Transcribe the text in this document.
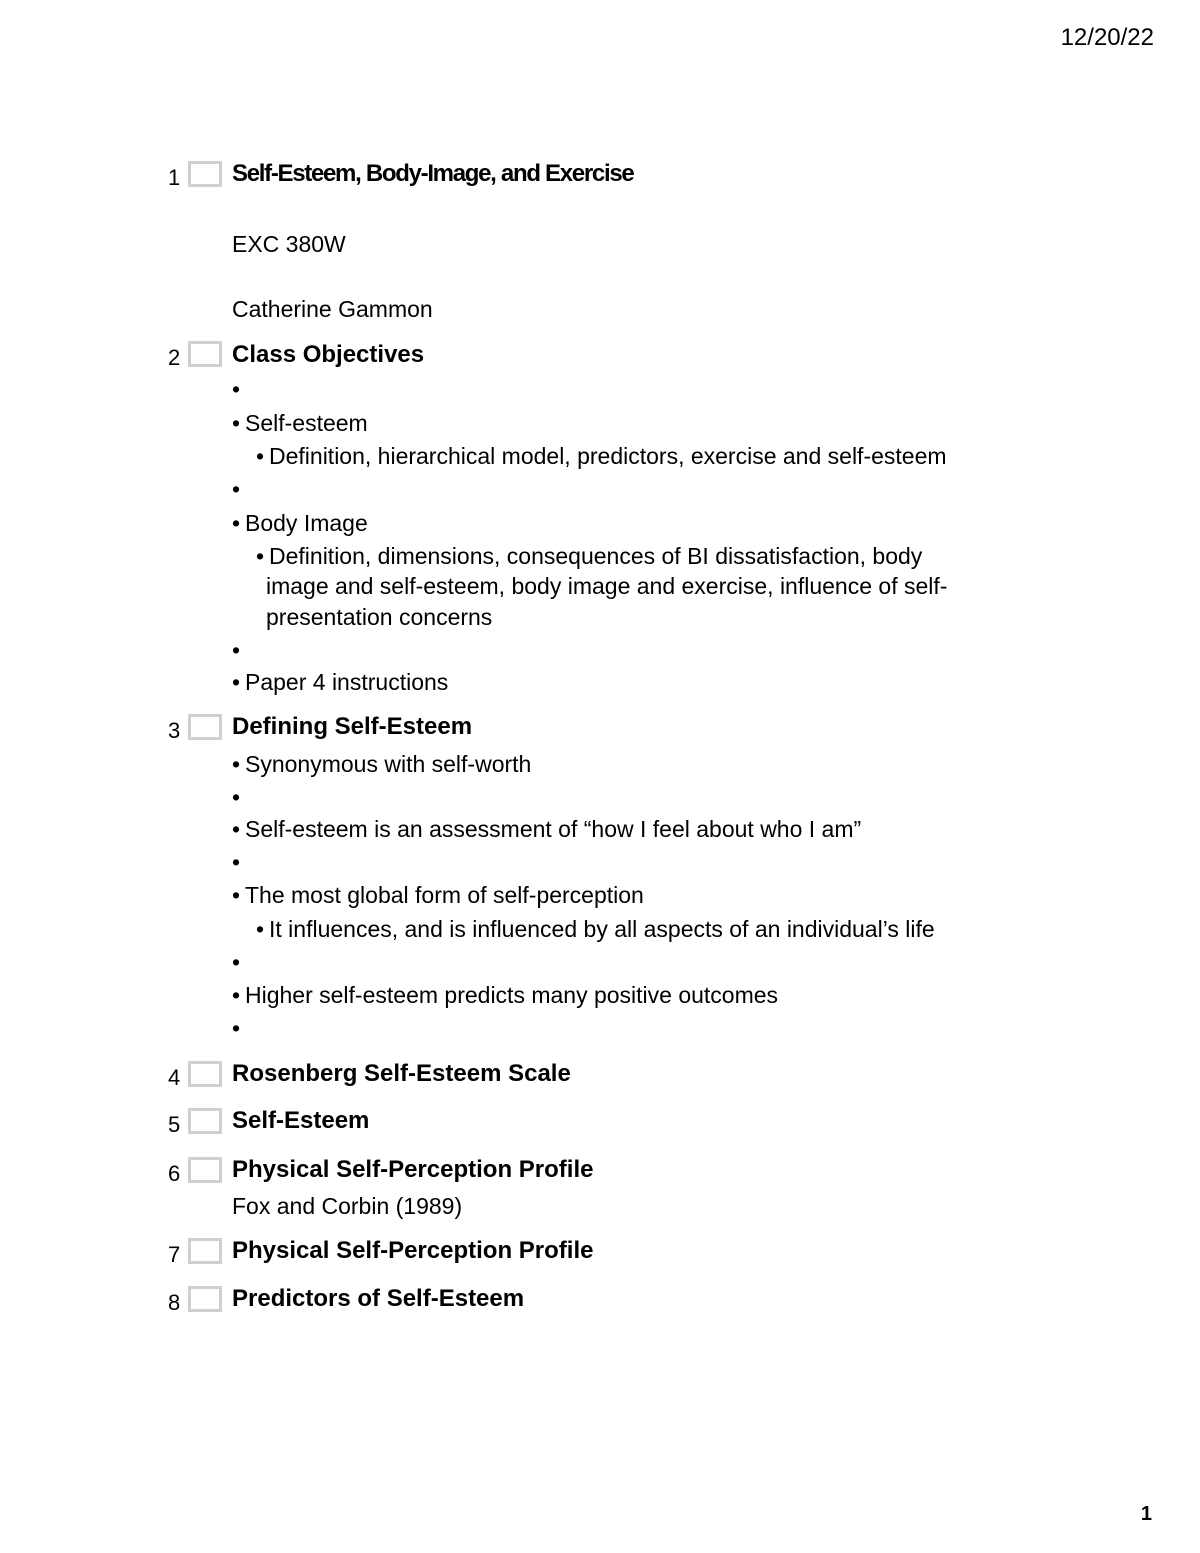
12/20/22
1	Self-Esteem, Body-Image, and Exercise
EXC 380W
Catherine Gammon
2	Class Objectives
•
• Self-esteem
• Definition, hierarchical model, predictors, exercise and self-esteem
•
• Body Image
• Definition, dimensions, consequences of BI dissatisfaction, body
image and self-esteem, body image and exercise, influence of self-
presentation concerns
•
• Paper 4 instructions
3	Defining Self-Esteem
• Synonymous with self-worth
•
• Self-esteem is an assessment of “how I feel about who I am”
•
• The most global form of self-perception
• It influences, and is influenced by all aspects of an individual’s life
•
• Higher self-esteem predicts many positive outcomes
•
4	Rosenberg Self-Esteem Scale
5	Self-Esteem
6	Physical Self-Perception Profile
Fox and Corbin (1989)
7	Physical Self-Perception Profile
8	Predictors of Self-Esteem
1
